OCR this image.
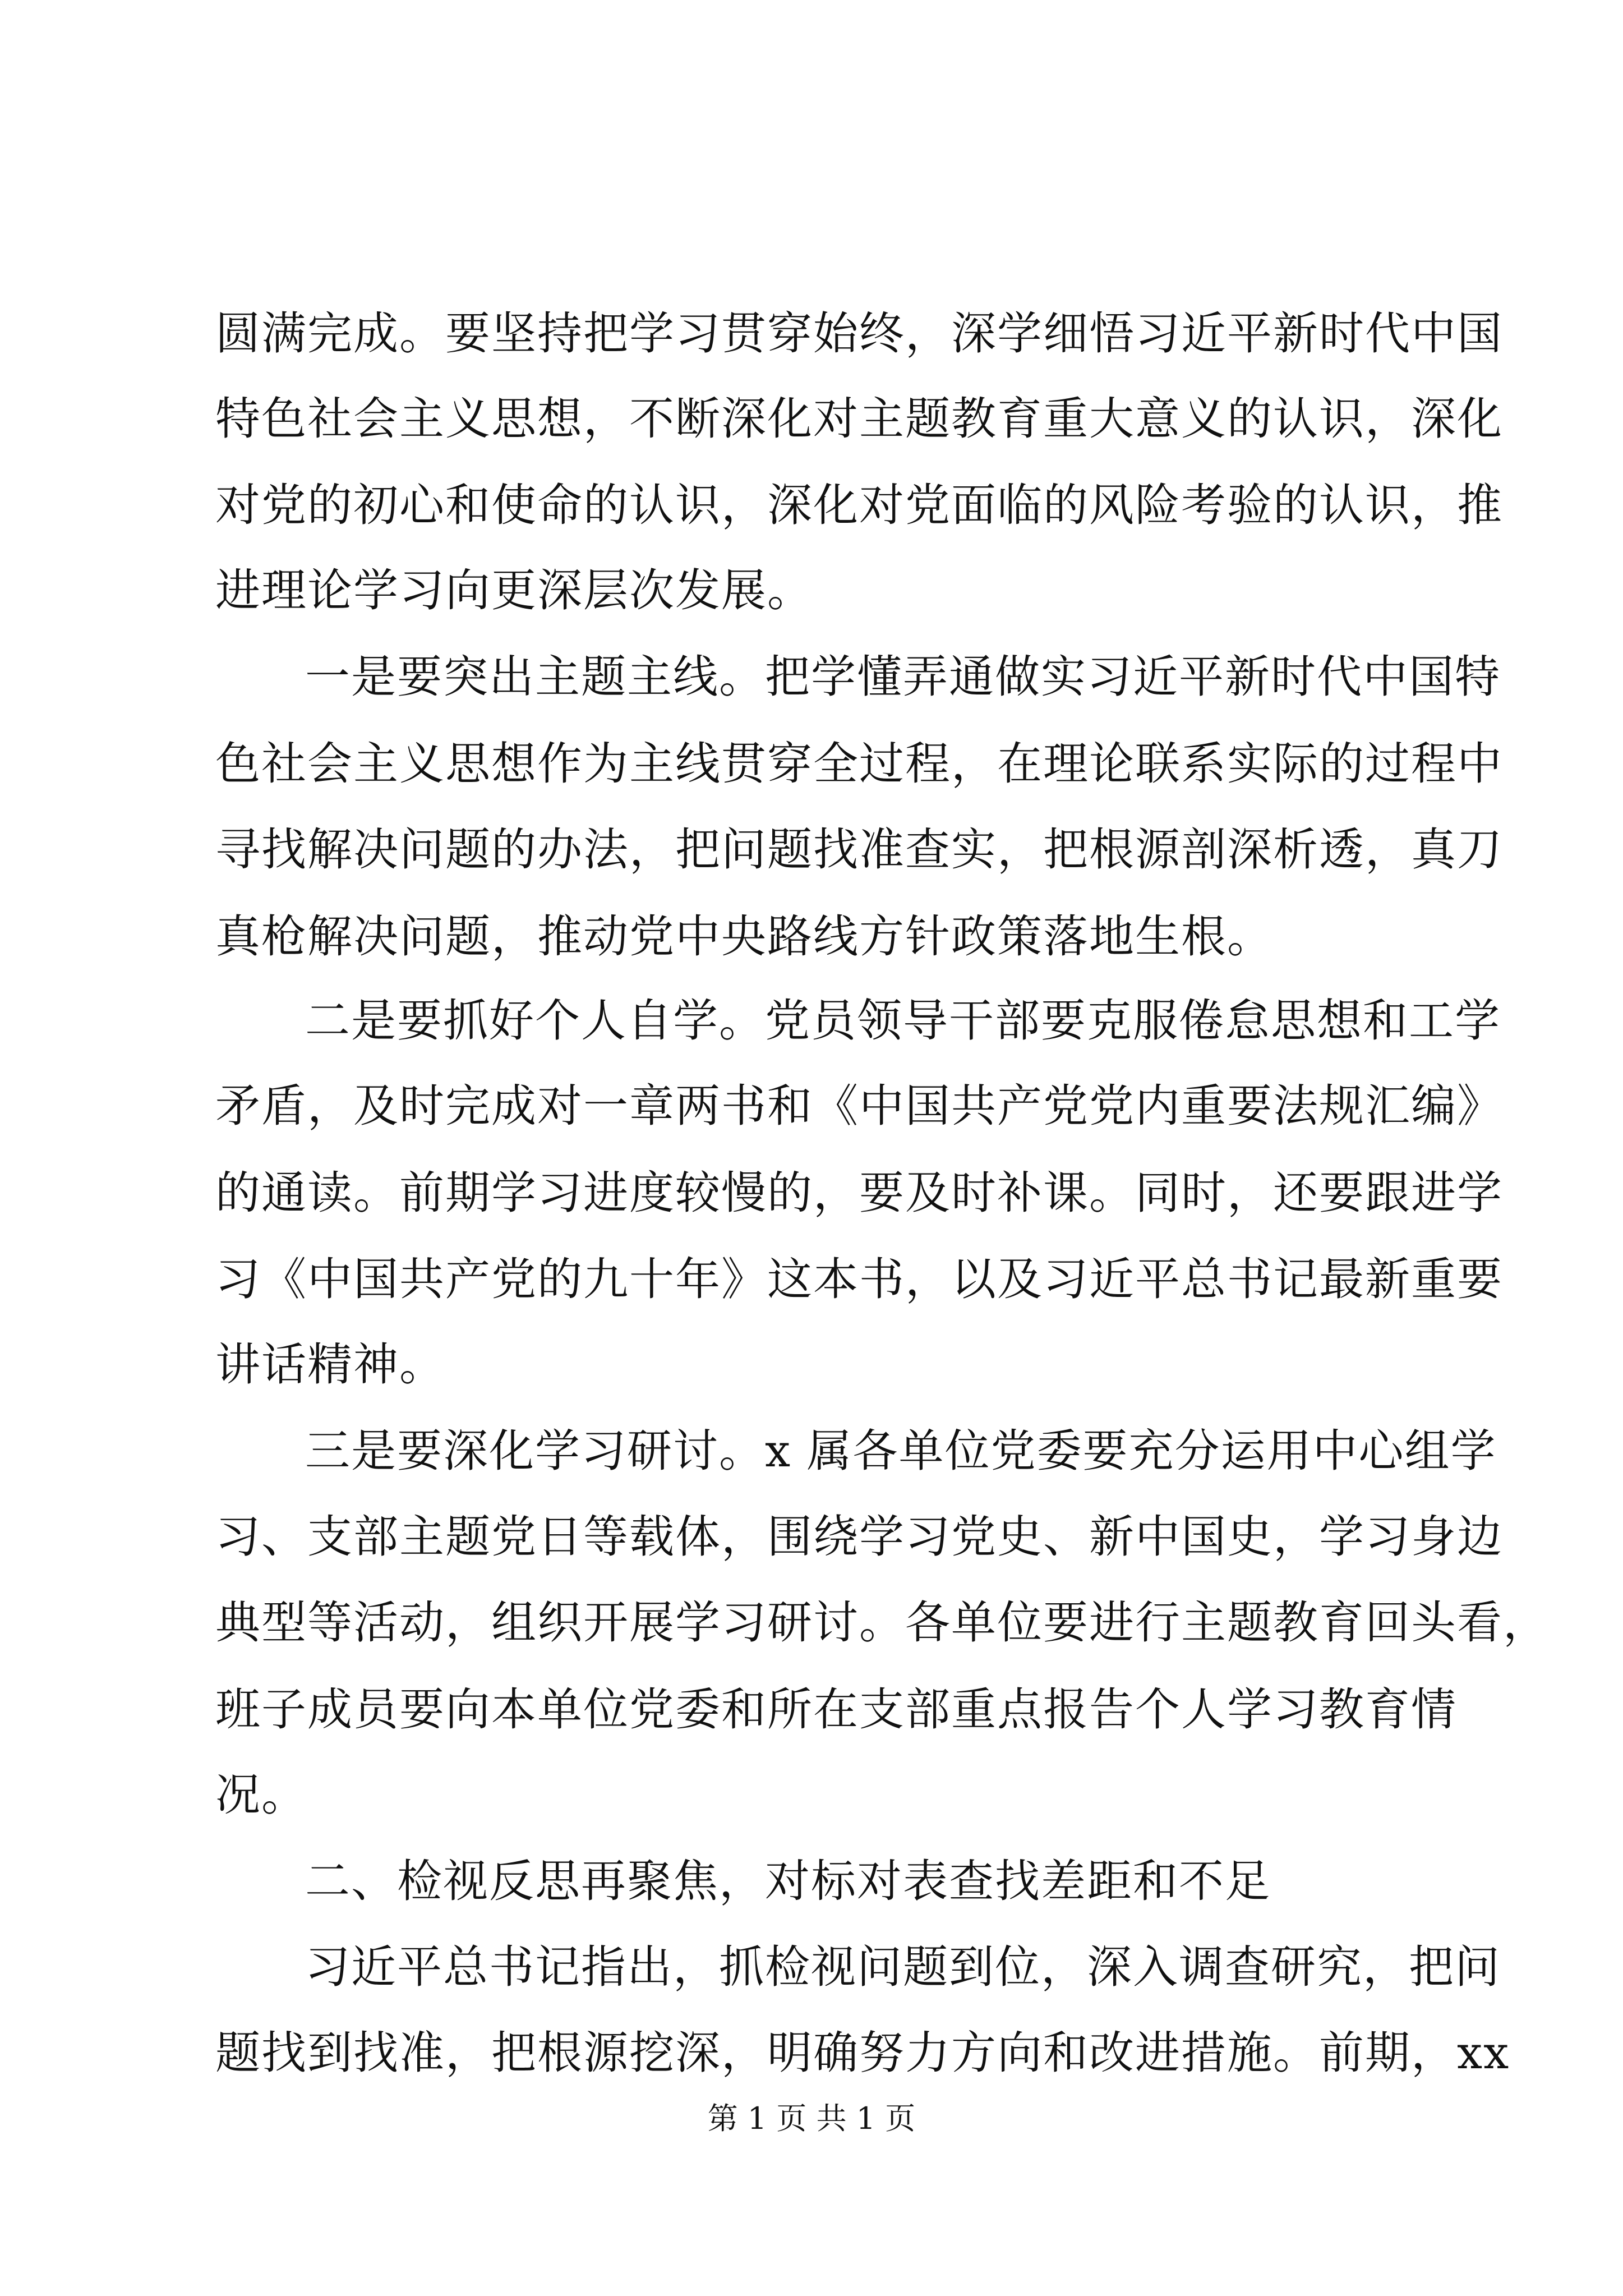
圆满完成。要坚持把学习贯穿始终，深学细悟习近平新时代中国

特色社会主义思想，不断深化对主题教育重大意义的认识，深化

对党的初心和使命的认识，深化对党面临的风险考验的认识，推

进理论学习向更深层次发展。

一是要突出主题主线。把学懂弄通做实习近平新时代中国特

色社会主义思想作为主线贯穿全过程，在理论联系实际的过程中

寻找解决问题的办法，把问题找准查实，把根源剖深析透，真刀

真枪解决问题，推动党中央路线方针政策落地生根。

二是要抓好个人自学。党员领导干部要克服倦怠思想和工学

矛盾，及时完成对一章两书和《中国共产党党内重要法规汇编》

的通读。前期学习进度较慢的，要及时补课。同时，还要跟进学

习《中国共产党的九十年》这本书，以及习近平总书记最新重要

讲话精神。

三是要深化学习研讨。x 属各单位党委要充分运用中心组学

习、支部主题党日等载体，围绕学习党史、新中国史，学习身边

典型等活动，组织开展学习研讨。各单位要进行主题教育回头看，

班子成员要向本单位党委和所在支部重点报告个人学习教育情

况。

二、检视反思再聚焦，对标对表查找差距和不足

习近平总书记指出，抓检视问题到位，深入调查研究，把问

题找到找准，把根源挖深，明确努力方向和改进措施。前期，xx

第 1 页 共 1 页
